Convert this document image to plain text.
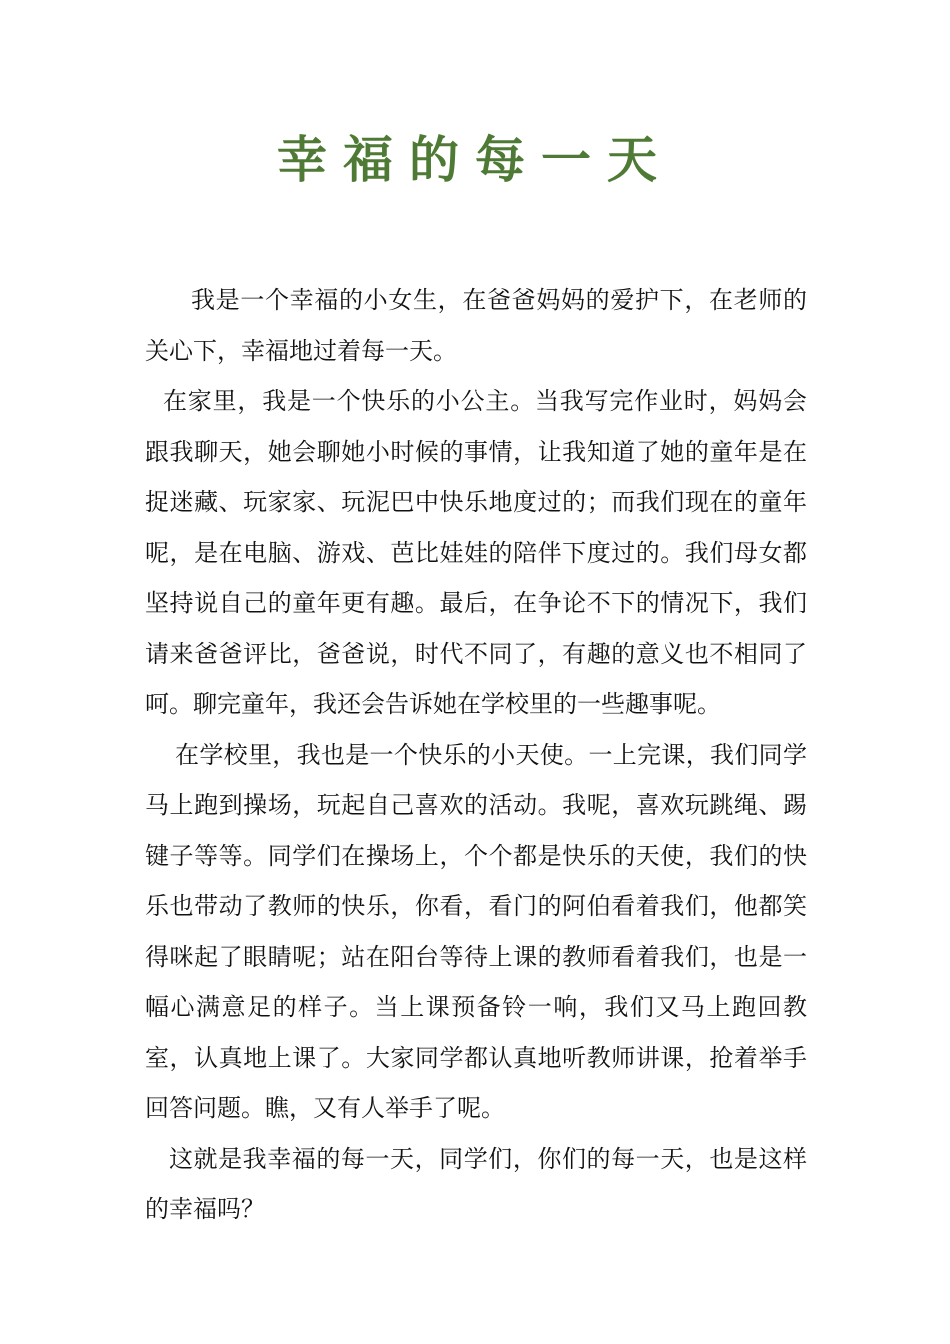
幸福的每一天

我是一个幸福的小女生，在爸爸妈妈的爱护下，在老师的关心下，幸福地过着每一天。

在家里，我是一个快乐的小公主。当我写完作业时，妈妈会跟我聊天，她会聊她小时候的事情，让我知道了她的童年是在捉迷藏、玩家家、玩泥巴中快乐地度过的；而我们现在的童年呢，是在电脑、游戏、芭比娃娃的陪伴下度过的。我们母女都坚持说自己的童年更有趣。最后，在争论不下的情况下，我们请来爸爸评比，爸爸说，时代不同了，有趣的意义也不相同了呵。聊完童年，我还会告诉她在学校里的一些趣事呢。

在学校里，我也是一个快乐的小天使。一上完课，我们同学马上跑到操场，玩起自己喜欢的活动。我呢，喜欢玩跳绳、踢键子等等。同学们在操场上，个个都是快乐的天使，我们的快乐也带动了教师的快乐，你看，看门的阿伯看着我们，他都笑得咪起了眼睛呢；站在阳台等待上课的教师看着我们，也是一幅心满意足的样子。当上课预备铃一响，我们又马上跑回教室，认真地上课了。大家同学都认真地听教师讲课，抢着举手回答问题。瞧，又有人举手了呢。

这就是我幸福的每一天，同学们，你们的每一天，也是这样的幸福吗？
